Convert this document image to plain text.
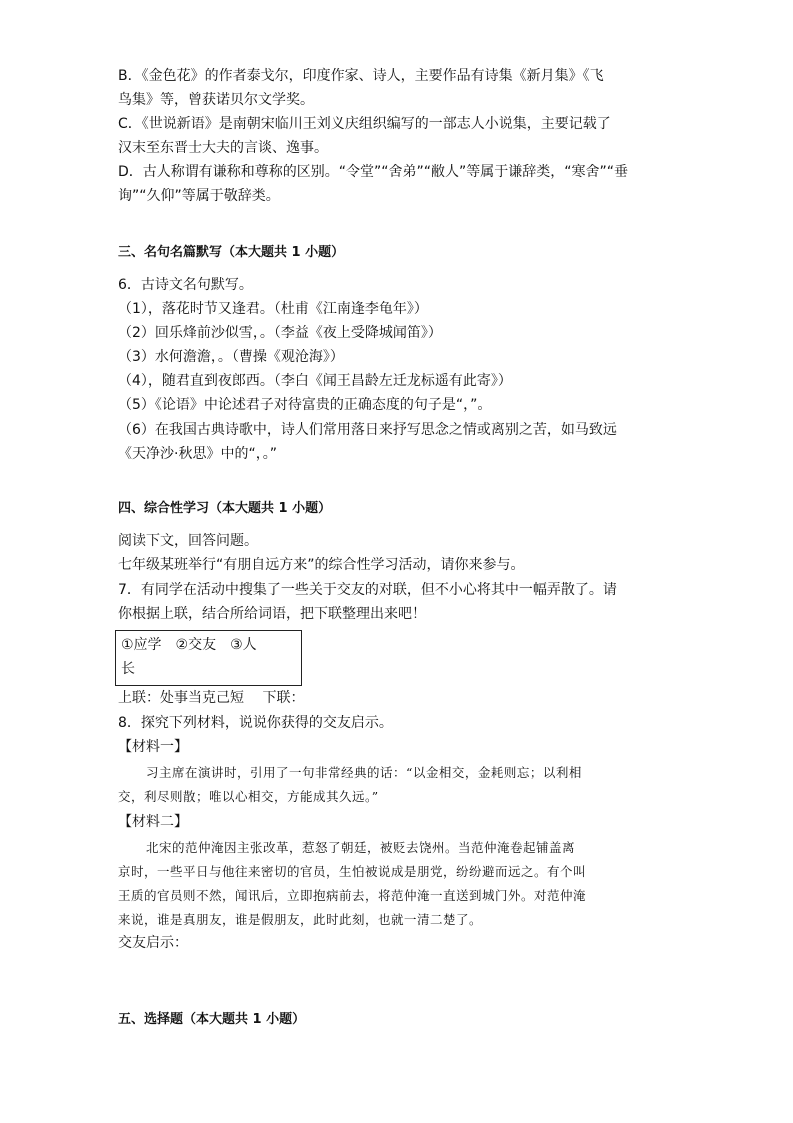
B．《金色花》的作者泰戈尔，印度作家、诗人，主要作品有诗集《新月集》《飞

鸟集》等，曾获诺贝尔文学奖。

C．《世说新语》是南朝宋临川王刘义庆组织编写的一部志人小说集，主要记载了

汉末至东晋士大夫的言谈、逸事。

D．古人称谓有谦称和尊称的区别。“令堂”“舍弟”“敝人”等属于谦辞类，“寒舍”“垂

询”“久仰”等属于敬辞类。

三、名句名篇默写（本大题共 1 小题）

6．古诗文名句默写。

（1），落花时节又逢君。（杜甫《江南逢李龟年》）

（2）回乐烽前沙似雪，。（李益《夜上受降城闻笛》）

（3）水何澹澹，。（曹操《观沧海》）

（4），随君直到夜郎西。（李白《闻王昌龄左迁龙标遥有此寄》）

（5）《论语》中论述君子对待富贵的正确态度的句子是“，”。

（6）在我国古典诗歌中，诗人们常用落日来抒写思念之情或离别之苦，如马致远

《天净沙·秋思》中的“，。”

四、综合性学习（本大题共 1 小题）

阅读下文，回答问题。

七年级某班举行“有朋自远方来”的综合性学习活动，请你来参与。

7．有同学在活动中搜集了一些关于交友的对联，但不小心将其中一幅弄散了。请

你根据上联，结合所给词语，把下联整理出来吧！

①应学　②交友　③人
长

上联：处事当克己短　 下联：

8．探究下列材料，说说你获得的交友启示。

【材料一】

习主席在演讲时，引用了一句非常经典的话：“以金相交，金耗则忘；以利相

交，利尽则散；唯以心相交，方能成其久远。”

【材料二】

北宋的范仲淹因主张改革，惹怒了朝廷，被贬去饶州。当范仲淹卷起铺盖离

京时，一些平日与他往来密切的官员，生怕被说成是朋党，纷纷避而远之。有个叫

王质的官员则不然，闻讯后，立即抱病前去，将范仲淹一直送到城门外。对范仲淹

来说，谁是真朋友，谁是假朋友，此时此刻，也就一清二楚了。

交友启示：

五、选择题（本大题共 1 小题）
